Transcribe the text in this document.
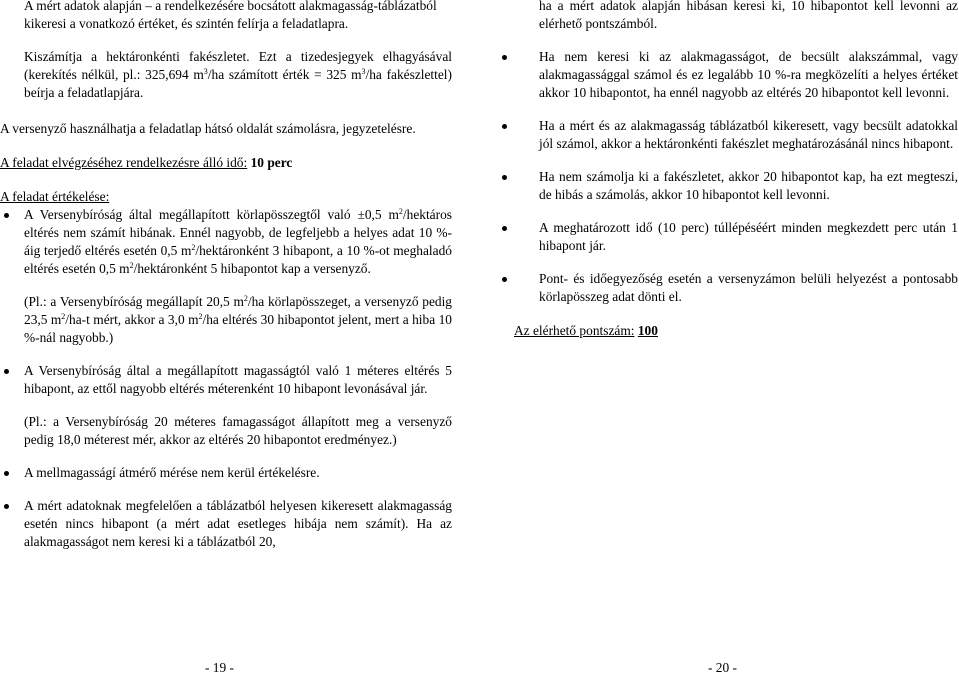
A mért adatok alapján – a rendelkezésére bocsátott alakmagasság-táblázatból kikeresi a vonatkozó értéket, és szintén felírja a feladatlapra.

Kiszámítja a hektáronkénti fakészletet. Ezt a tizedesjegyek elhagyásával (kerekítés nélkül, pl.: 325,694 $m^3/ha$ számított érték = 325 $m^3/ha$ fakészlettel) beírja a feladatlapjára.

A versenyző használhatja a feladatlap hátsó oldalát számolásra, jegyzetelésre.

A feladat elvégzéséhez rendelkezésre álló idő: 10 perc

A feladat értékelése:

A Versenybíróság által megállapított körlapösszegtől való ±0,5 $m^2$/hektáros eltérés nem számít hibának. Ennél nagyobb, de legfeljebb a helyes adat 10 %-áig terjedő eltérés esetén 0,5 $m^2$/hektáronként 3 hibapont, a 10 %-ot meghaladó eltérés esetén 0,5 $m^2$/hektáronként 5 hibapontot kap a versenyző.

(Pl.: a Versenybíróság megállapít 20,5 $m^2/ha$ körlapösszeget, a versenyző pedig 23,5 $m^2/ha-t$ mért, akkor a 3,0 $m^2/ha$ eltérés 30 hibapontot jelent, mert a hiba 10 %-nál nagyobb.)

A Versenybíróság által a megállapított magasságtól való 1 méteres eltérés 5 hibapont, az ettől nagyobb eltérés méterenként 10 hibapont levonásával jár.

(Pl.: a Versenybíróság 20 méteres famagasságot állapított meg a versenyző pedig 18,0 méterest mér, akkor az eltérés 20 hibapontot eredményez.)

A mellmagasságí átmérő mérése nem kerül értékelésre.

A mért adatoknak megfelelően a táblázatból helyesen kikeresett alakmagasság esetén nincs hibapont (a mért adat esetleges hibája nem számít). Ha az alakmagasságot nem keresi ki a táblázatból 20,

ha a mért adatok alapján hibásan keresi ki, 10 hibapontot kell levonni az elérhető pontszámból.

Ha nem keresi ki az alakmagasságot, de becsült alakszámmal, vagy alakmagassággal számol és ez legalább 10 %-ra megközelíti a helyes értéket akkor 10 hibapontot, ha ennél nagyobb az eltérés 20 hibapontot kell levonni.

Ha a mért és az alakmagasság táblázatból kikeresett, vagy becsült adatokkal jól számol, akkor a hektáronkénti fakészlet meghatározásánál nincs hibapont.

Ha nem számolja ki a fakészletet, akkor 20 hibapontot kap, ha ezt megteszi, de hibás a számolás, akkor 10 hibapontot kell levonni.

A meghatározott idő (10 perc) túllépéséért minden megkezdett perc után 1 hibapont jár.

Pont- és időegyezőség esetén a versenyzámon belüli helyezést a pontosabb körlapösszeg adat dönti el.

Az elérhető pontszám: 100

- 19 -	- 20 -
